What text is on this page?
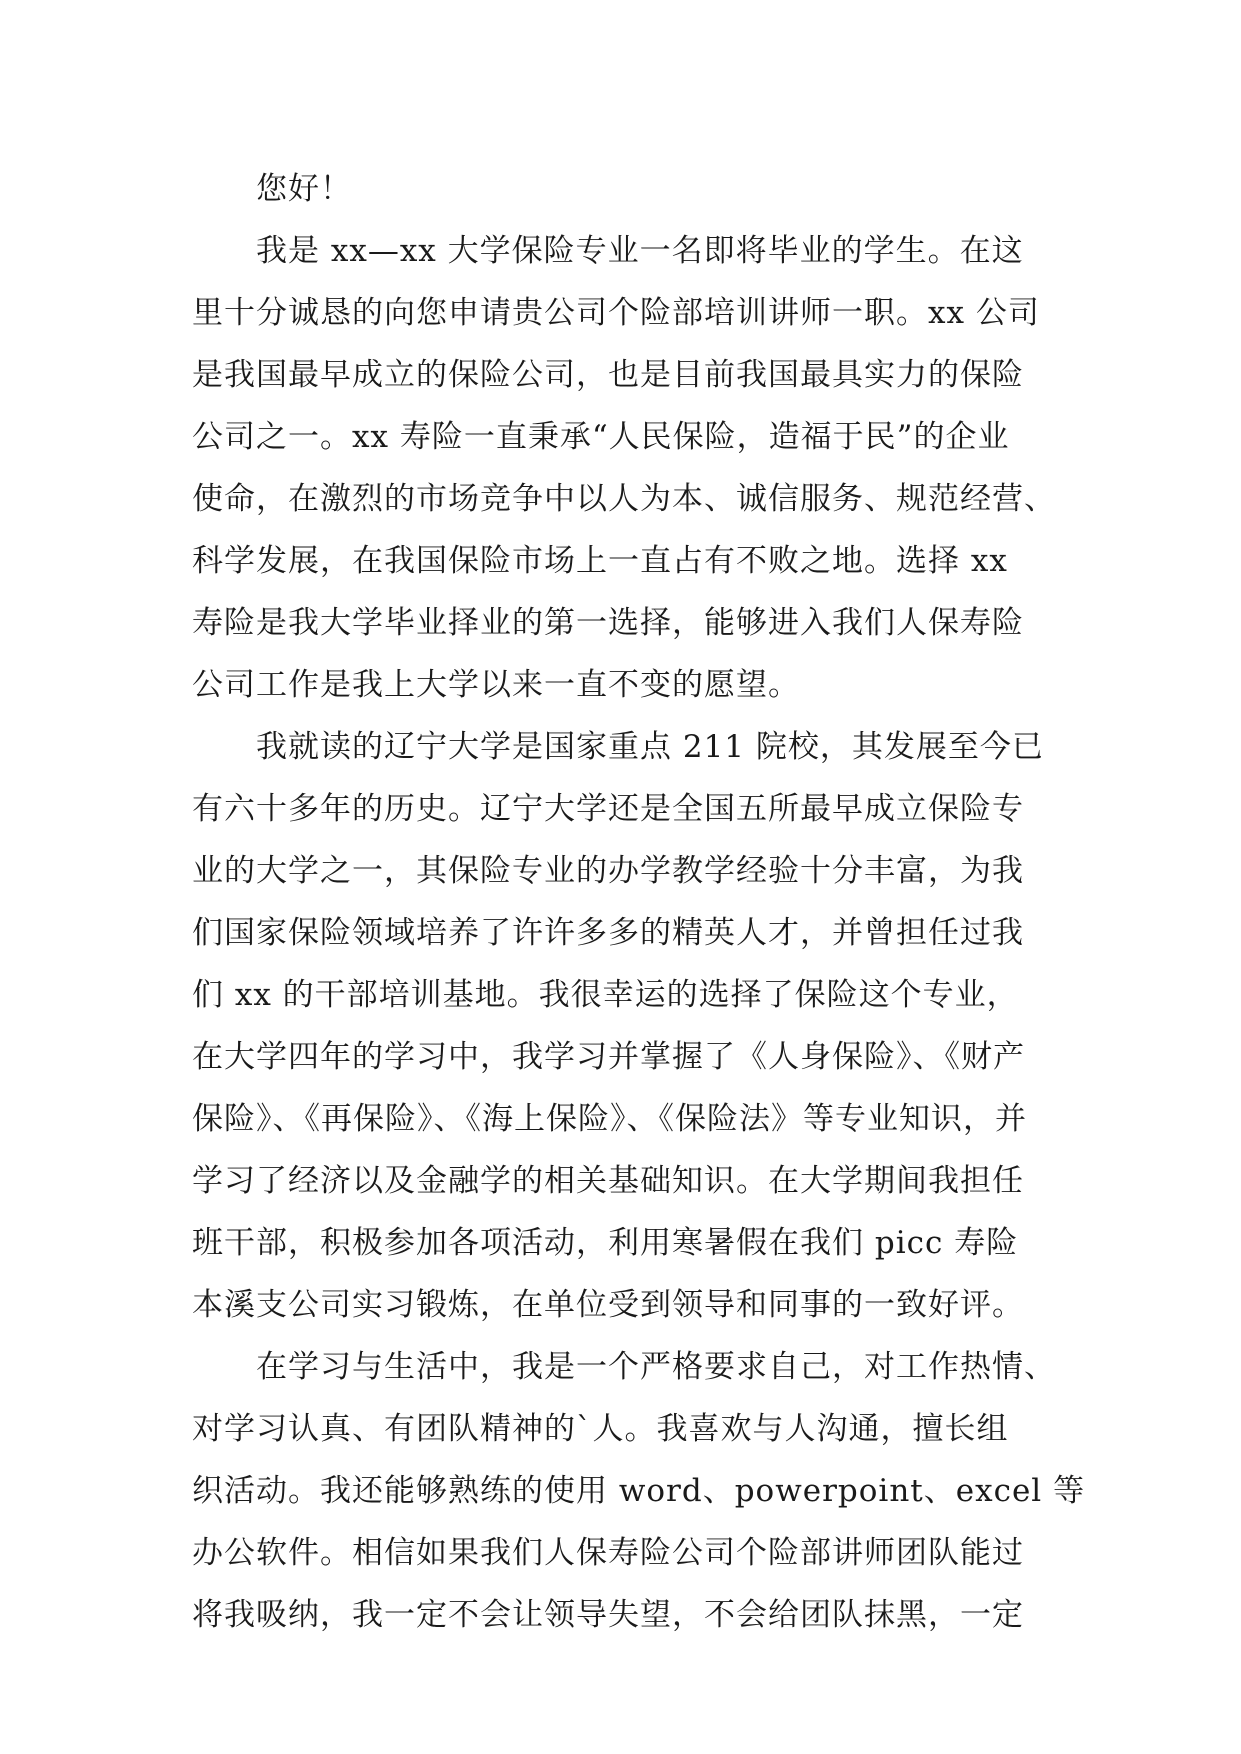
您好！
我是 xx—xx 大学保险专业一名即将毕业的学生。在这
里十分诚恳的向您申请贵公司个险部培训讲师一职。xx 公司
是我国最早成立的保险公司，也是目前我国最具实力的保险
公司之一。xx 寿险一直秉承“人民保险，造福于民”的企业
使命，在激烈的市场竞争中以人为本、诚信服务、规范经营、
科学发展，在我国保险市场上一直占有不败之地。选择 xx
寿险是我大学毕业择业的第一选择，能够进入我们人保寿险
公司工作是我上大学以来一直不变的愿望。
我就读的辽宁大学是国家重点 211 院校，其发展至今已
有六十多年的历史。辽宁大学还是全国五所最早成立保险专
业的大学之一，其保险专业的办学教学经验十分丰富，为我
们国家保险领域培养了许许多多的精英人才，并曾担任过我
们 xx 的干部培训基地。我很幸运的选择了保险这个专业，
在大学四年的学习中，我学习并掌握了《人身保险》、《财产
保险》、《再保险》、《海上保险》、《保险法》等专业知识，并
学习了经济以及金融学的相关基础知识。在大学期间我担任
班干部，积极参加各项活动，利用寒暑假在我们 picc 寿险
本溪支公司实习锻炼，在单位受到领导和同事的一致好评。
在学习与生活中，我是一个严格要求自己，对工作热情、
对学习认真、有团队精神的`人。我喜欢与人沟通，擅长组
织活动。我还能够熟练的使用 word、powerpoint、excel 等
办公软件。相信如果我们人保寿险公司个险部讲师团队能过
将我吸纳，我一定不会让领导失望，不会给团队抹黑，一定
